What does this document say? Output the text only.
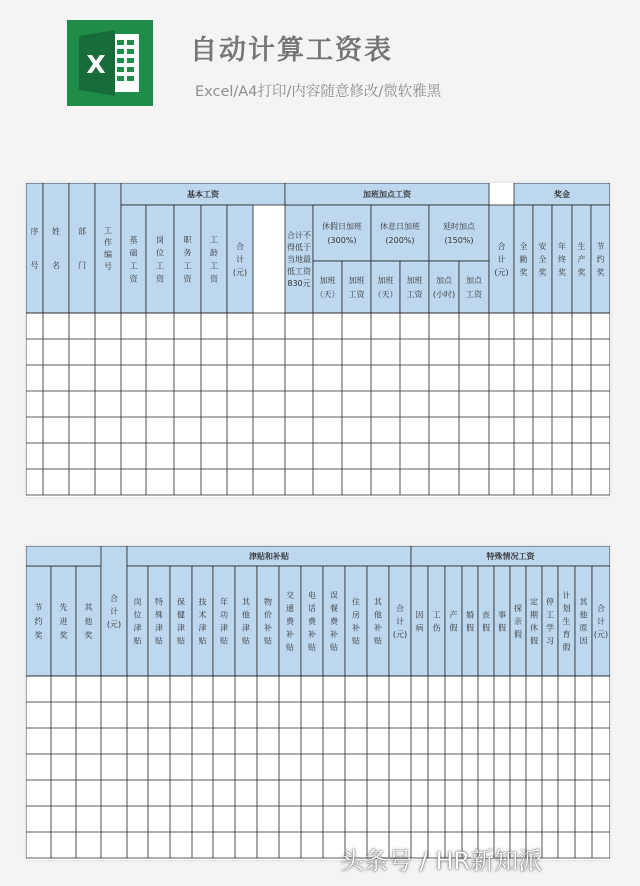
X	自动计算工资表
Excel/A4打印/内容随意修改/微软雅黑
序号
姓名
部门
工作编号
基本工资
基础工资
岗位工资
职务工资
工龄工资
合计(元)
合计不得低于当地最低工资 830元
加班加点工资
休假日加班(300%)
休息日加班(200%)
延时加点(150%)
加班（天）
加班工资
加班（天）
加班工资
加点(小时)
加点工资
合计(元)
奖金
全勤奖
安全奖
年终奖
生产奖
节约奖
节约奖
先进奖
其他奖
合计(元)
津贴和补贴
岗位津贴
特殊津贴
保健津贴
技术津贴
年功津贴
其他津贴
物价补贴
交通费补贴
电话费补贴
误餐费补贴
住房补贴
其他补贴
合计(元)
特殊情况工资
因病
工伤
产假
婚假
丧假
事假
探亲假
定期休假
停工学习
计划生育假
其他原因
合计(元)
头条号 / HR新知派
